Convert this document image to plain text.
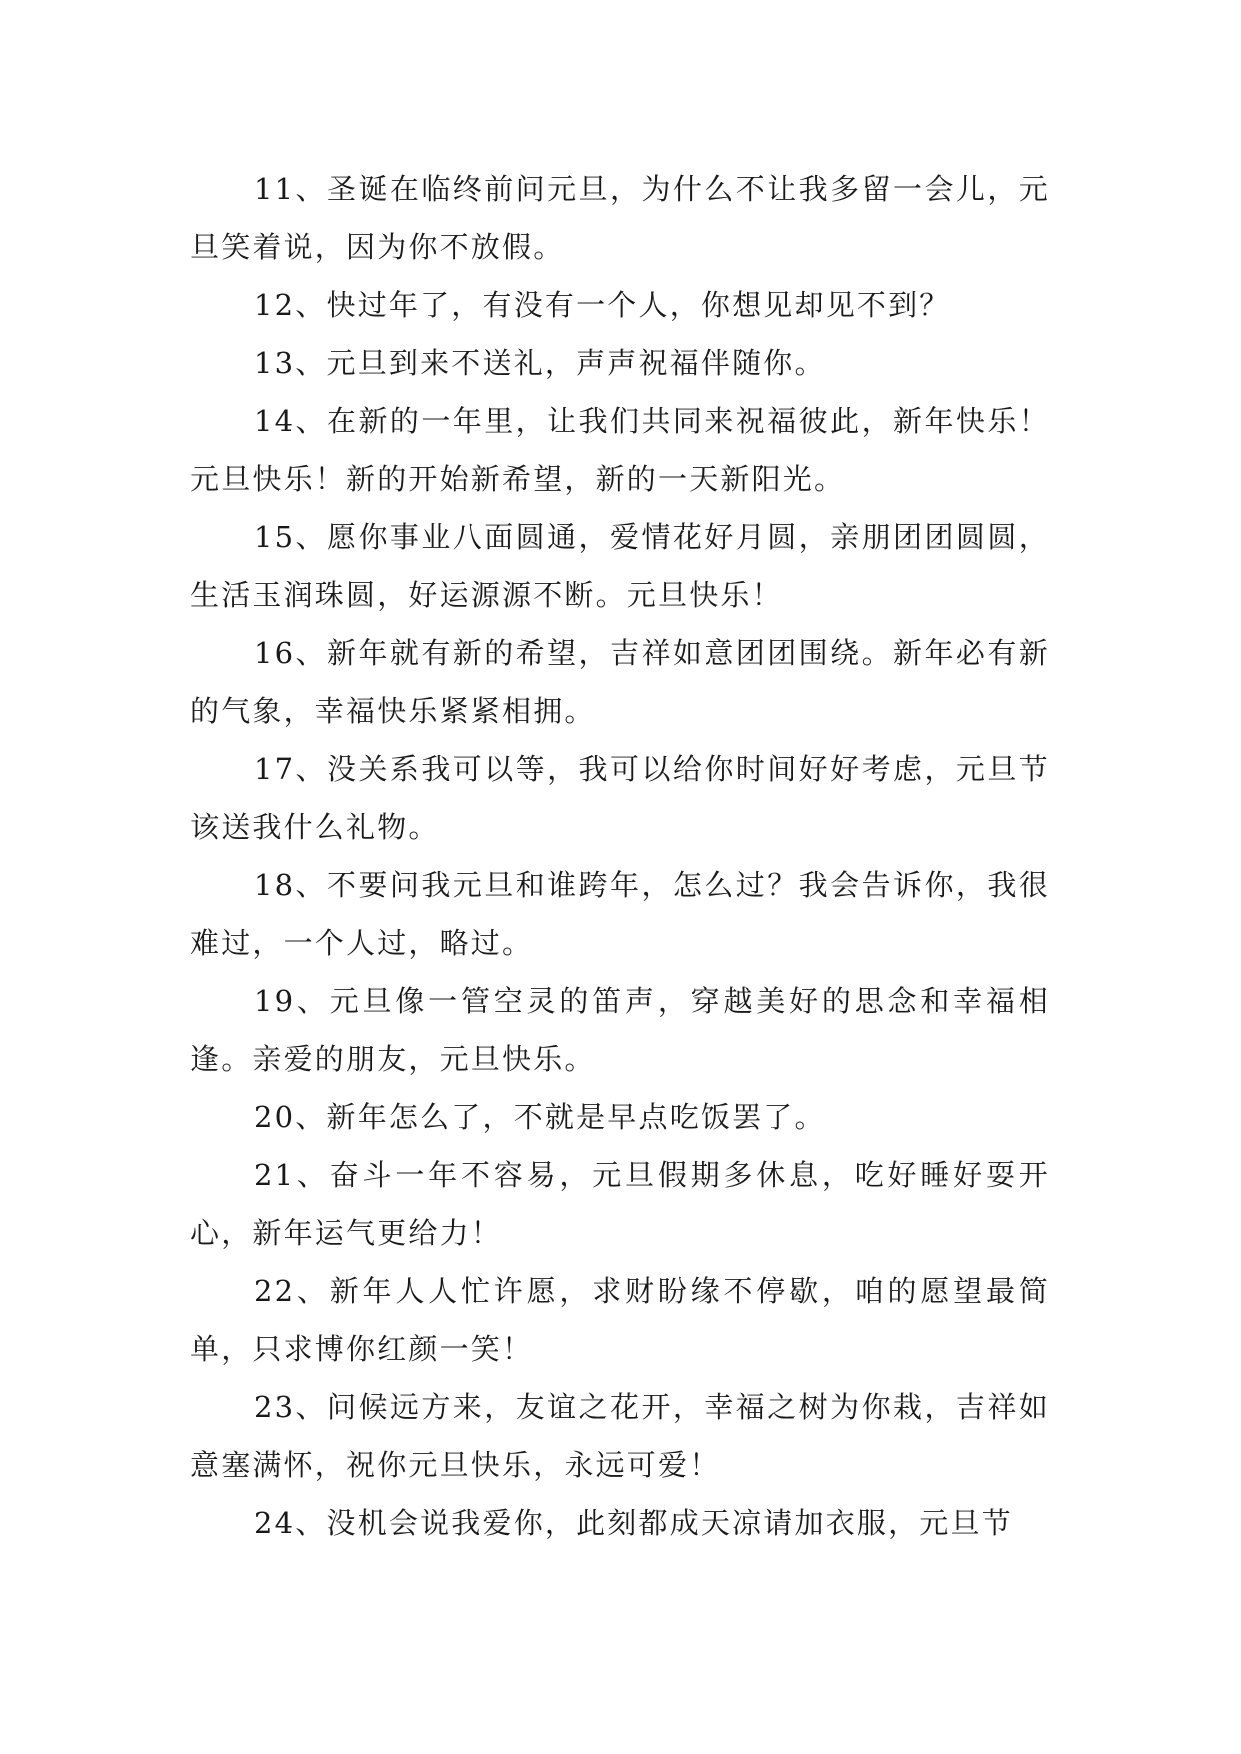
11、圣诞在临终前问元旦，为什么不让我多留一会儿，元旦笑着说，因为你不放假。

12、快过年了，有没有一个人，你想见却见不到？

13、元旦到来不送礼，声声祝福伴随你。

14、在新的一年里，让我们共同来祝福彼此，新年快乐！元旦快乐！新的开始新希望，新的一天新阳光。

15、愿你事业八面圆通，爱情花好月圆，亲朋团团圆圆，生活玉润珠圆，好运源源不断。元旦快乐！

16、新年就有新的希望，吉祥如意团团围绕。新年必有新的气象，幸福快乐紧紧相拥。

17、没关系我可以等，我可以给你时间好好考虑，元旦节该送我什么礼物。

18、不要问我元旦和谁跨年，怎么过？我会告诉你，我很难过，一个人过，略过。

19、元旦像一管空灵的笛声，穿越美好的思念和幸福相逢。亲爱的朋友，元旦快乐。

20、新年怎么了，不就是早点吃饭罢了。

21、奋斗一年不容易，元旦假期多休息，吃好睡好耍开心，新年运气更给力！

22、新年人人忙许愿，求财盼缘不停歇，咱的愿望最简单，只求博你红颜一笑！

23、问候远方来，友谊之花开，幸福之树为你栽，吉祥如意塞满怀，祝你元旦快乐，永远可爱！

24、没机会说我爱你，此刻都成天凉请加衣服，元旦节
